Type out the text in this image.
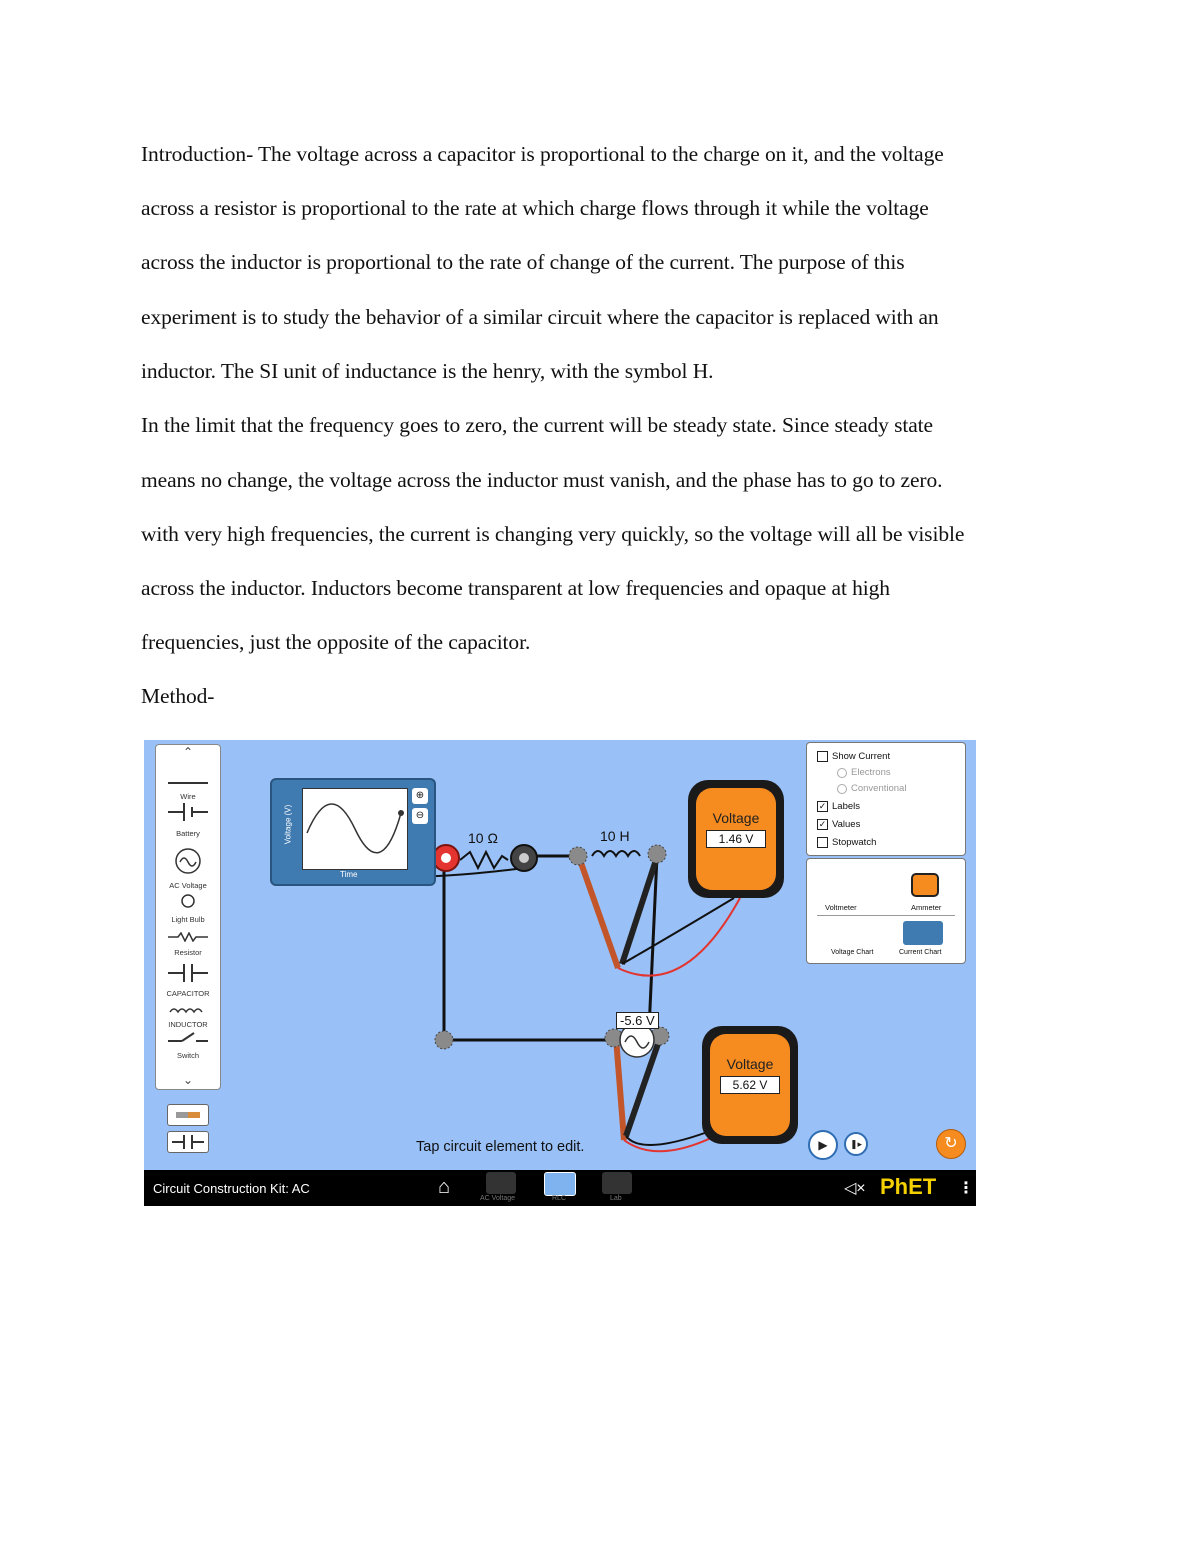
Introduction- The voltage across a capacitor is proportional to the charge on it, and the voltage
across a resistor is proportional to the rate at which charge flows through it while the voltage
across the inductor is proportional to the rate of change of the current. The purpose of this
experiment is to study the behavior of a similar circuit where the capacitor is replaced with an
inductor. The SI unit of inductance is the henry, with the symbol H.
In the limit that the frequency goes to zero, the current will be steady state. Since steady state
means no change, the voltage across the inductor must vanish, and the phase has to go to zero.
with very high frequencies, the current is changing very quickly, so the voltage will all be visible
across the inductor. Inductors become transparent at low frequencies and opaque at high
frequencies, just the opposite of the capacitor.
Method-
⌃
Wire
Battery
AC Voltage
Light Bulb
Resistor
CAPACITOR
INDUCTOR
Switch
⌄
Voltage (V)
Time
⊕
⊖
10 Ω	10 H
-5.6 V
Voltage
1.46 V
Voltage
5.62 V
Show Current
Electrons
Conventional
✓
Labels
✓
Values
Stopwatch
Voltmeter	Ammeter
Voltage Chart	Current Chart
Tap circuit element to edit.	▶	❚▸	↻
Circuit Construction Kit: AC	⌂
AC Voltage	RLC	Lab
◁× PhET ⋮
